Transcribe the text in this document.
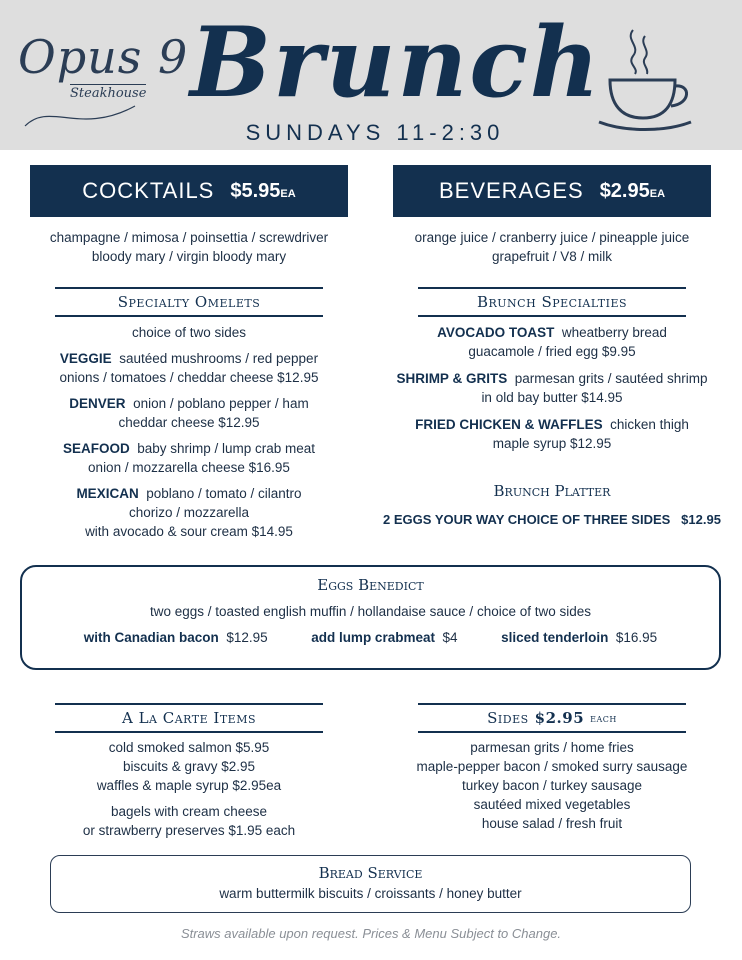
Opus 9
Steakhouse Brunch
SUNDAYS 11-2:30
COCKTAILS $5.95EA
champagne / mimosa / poinsettia / screwdriver
bloody mary / virgin bloody mary
BEVERAGES $2.95EA
orange juice / cranberry juice / pineapple juice
grapefruit / V8 / milk
Specialty Omelets
choice of two sides
VEGGIE sautéed mushrooms / red pepper
onions / tomatoes / cheddar cheese $12.95
DENVER onion / poblano pepper / ham
cheddar cheese $12.95
SEAFOOD baby shrimp / lump crab meat
onion / mozzarella cheese $16.95
MEXICAN poblano / tomato / cilantro
chorizo / mozzarella
with avocado & sour cream $14.95
Brunch Specialties
AVOCADO TOAST wheatberry bread
guacamole / fried egg $9.95
SHRIMP & GRITS parmesan grits / sautéed shrimp
in old bay butter $14.95
FRIED CHICKEN & WAFFLES chicken thigh
maple syrup $12.95
Brunch Platter
2 EGGS YOUR WAY CHOICE OF THREE SIDES $12.95
Eggs Benedict
two eggs / toasted english muffin / hollandaise sauce / choice of two sides
with Canadian bacon $12.95	add lump crabmeat $4	sliced tenderloin $16.95
A La Carte Items
cold smoked salmon $5.95
biscuits & gravy $2.95
waffles & maple syrup $2.95ea
bagels with cream cheese
or strawberry preserves $1.95 each
Sides $2.95 each
parmesan grits / home fries
maple-pepper bacon / smoked surry sausage
turkey bacon / turkey sausage
sautéed mixed vegetables
house salad / fresh fruit
Bread Service
warm buttermilk biscuits / croissants / honey butter
Straws available upon request. Prices & Menu Subject to Change.
